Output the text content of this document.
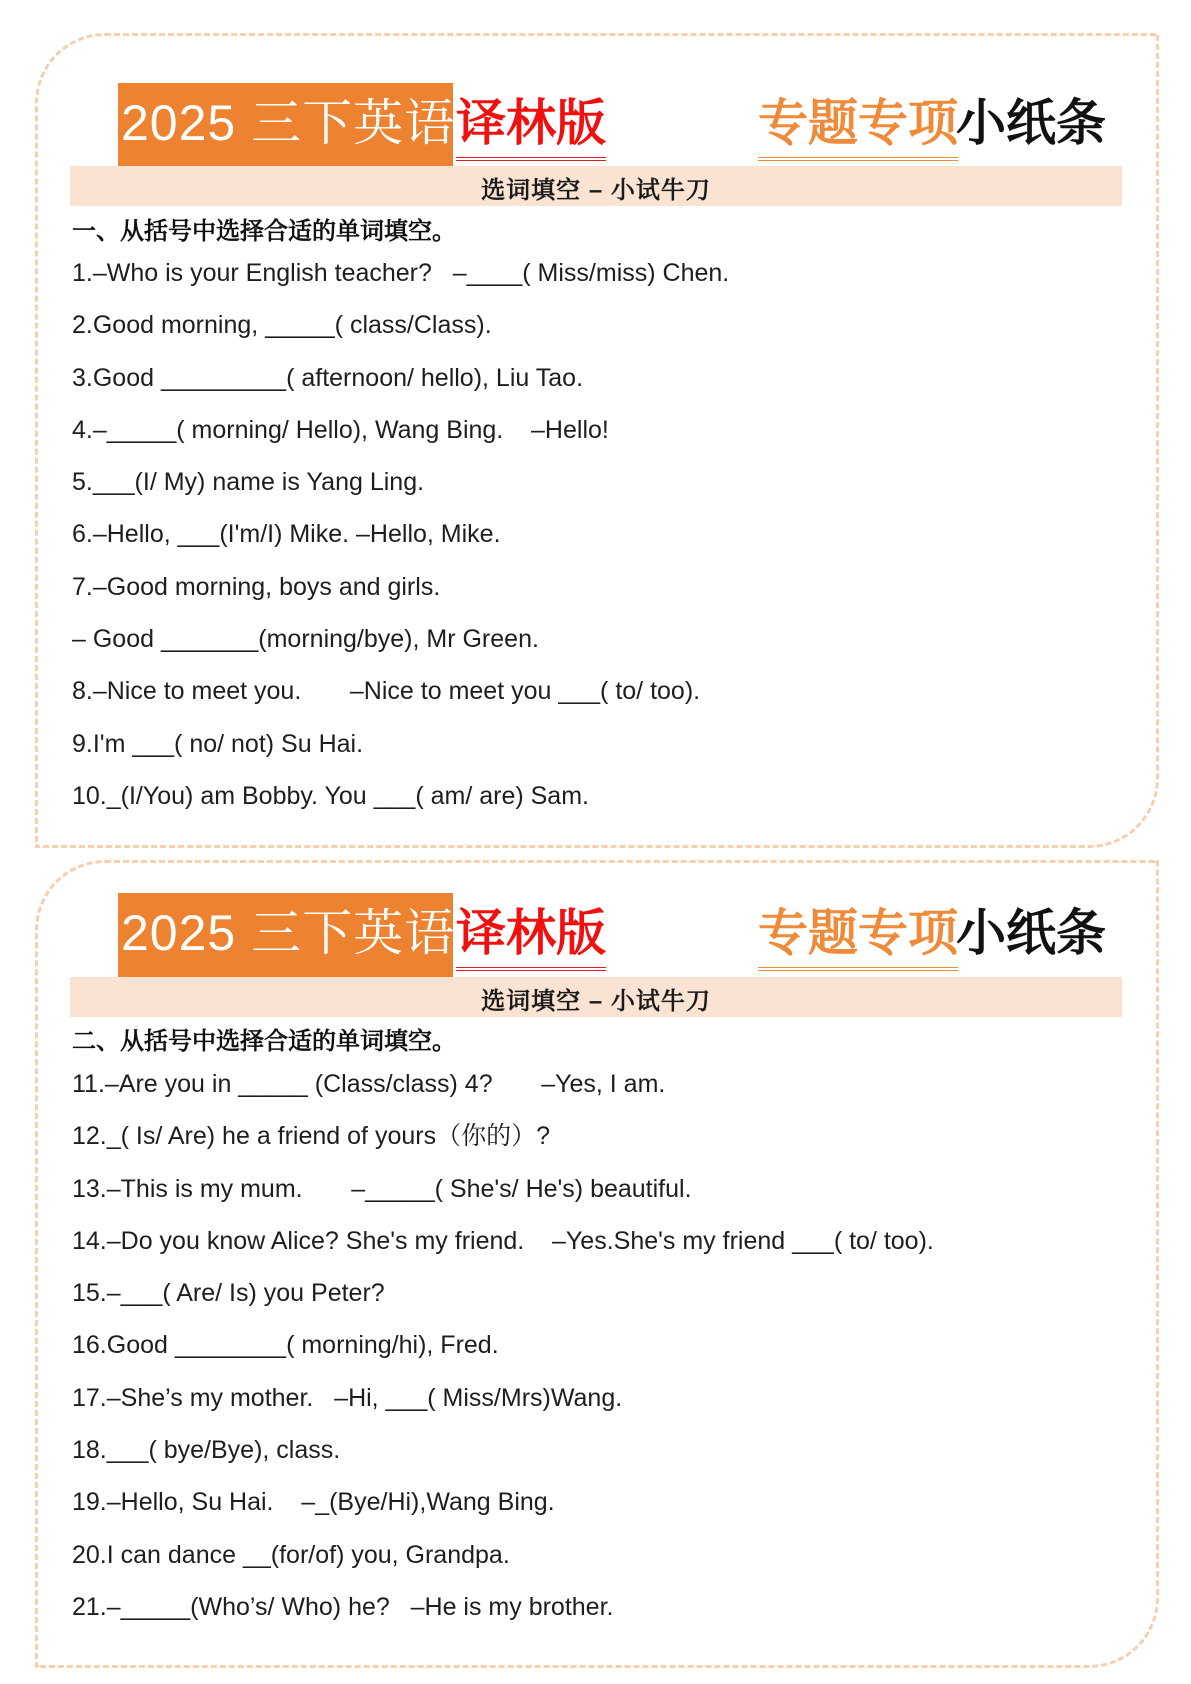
2025 三下英语 译林版	专题专项
小纸条
选词填空 – 小试牛刀
一、从括号中选择合适的单词填空。
1.–Who is your English teacher?   –____( Miss/miss) Chen.
2.Good morning, _____( class/Class).
3.Good _________( afternoon/ hello), Liu Tao.
4.–_____( morning/ Hello), Wang Bing.    –Hello!
5.___(I/ My) name is Yang Ling.
6.–Hello, ___(I'm/I) Mike. –Hello, Mike.
7.–Good morning, boys and girls.
– Good _______(morning/bye), Mr Green.
8.–Nice to meet you.       –Nice to meet you ___( to/ too).
9.I'm ___( no/ not) Su Hai.
10._(I/You) am Bobby. You ___( am/ are) Sam.
2025 三下英语 译林版	专题专项
小纸条
选词填空 – 小试牛刀
二、从括号中选择合适的单词填空。
11.–Are you in _____ (Class/class) 4?       –Yes, I am.
12._( Is/ Are) he a friend of yours（你的）?
13.–This is my mum.       –_____( She's/ He's) beautiful.
14.–Do you know Alice? She's my friend.    –Yes.She's my friend ___( to/ too).
15.–___( Are/ Is) you Peter?
16.Good ________( morning/hi), Fred.
17.–She’s my mother.   –Hi, ___( Miss/Mrs)Wang.
18.___( bye/Bye), class.
19.–Hello, Su Hai.    –_(Bye/Hi),Wang Bing.
20.I can dance __(for/of) you, Grandpa.
21.–_____(Who’s/ Who) he?   –He is my brother.
